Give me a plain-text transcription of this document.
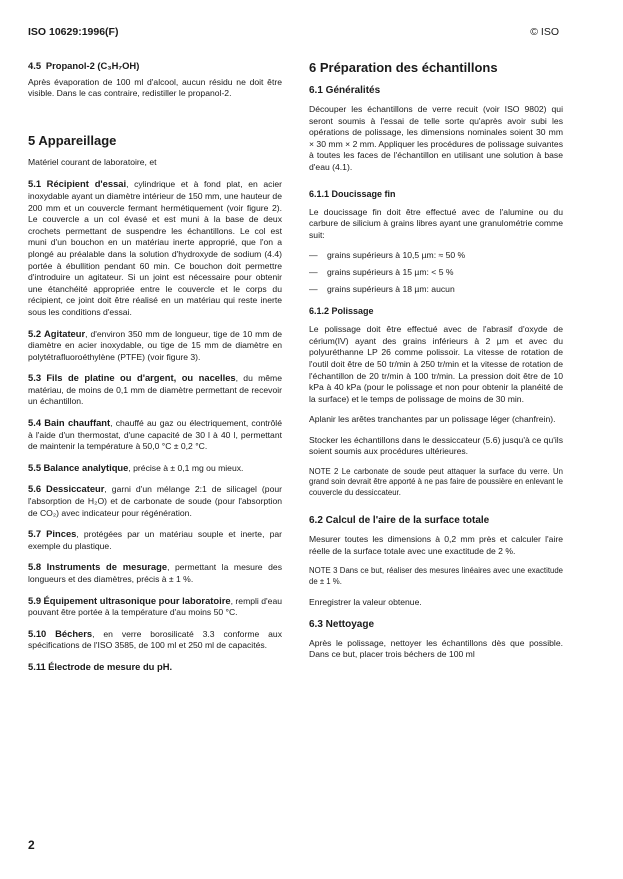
ISO 10629:1996(F)	© ISO

4.5 Propanol-2 (C₃H₇OH)

Après évaporation de 100 ml d'alcool, aucun résidu ne doit être visible. Dans le cas contraire, redistiller le propanol-2.

5 Appareillage

Matériel courant de laboratoire, et

5.1 Récipient d'essai, cylindrique et à fond plat, en acier inoxydable ayant un diamètre intérieur de 150 mm, une hauteur de 200 mm et un couvercle fermant hermétiquement (voir figure 2). Le couvercle a un col évasé et est muni à la base de deux crochets permettant de suspendre les échantillons. Le col est muni d'un bouchon en un matériau inerte approprié, que l'on a plongé au préalable dans la solution d'hydroxyde de sodium (4.4) portée à ébullition pendant 60 min. Ce bouchon doit permettre d'introduire un agitateur. Si un joint est nécessaire pour obtenir une étanchéité appropriée entre le couvercle et le corps du récipient, ce joint doit être réalisé en un matériau qui reste inerte sous les conditions d'essai.

5.2 Agitateur, d'environ 350 mm de longueur, tige de 10 mm de diamètre en acier inoxydable, ou tige de 15 mm de diamètre en polytétrafluoroéthylène (PTFE) (voir figure 3).

5.3 Fils de platine ou d'argent, ou nacelles, du même matériau, de moins de 0,1 mm de diamètre permettant de recevoir un échantillon.

5.4 Bain chauffant, chauffé au gaz ou électriquement, contrôlé à l'aide d'un thermostat, d'une capacité de 30 l à 40 l, permettant de maintenir la température à 50,0 °C ± 0,2 °C.

5.5 Balance analytique, précise à ± 0,1 mg ou mieux.

5.6 Dessiccateur, garni d'un mélange 2:1 de silicagel (pour l'absorption de H₂O) et de carbonate de soude (pour l'absorption de CO₂) avec indicateur pour régénération.

5.7 Pinces, protégées par un matériau souple et inerte, par exemple du plastique.

5.8 Instruments de mesurage, permettant la mesure des longueurs et des diamètres, précis à ± 1 %.

5.9 Équipement ultrasonique pour laboratoire, rempli d'eau pouvant être portée à la température d'au moins 50 °C.

5.10 Béchers, en verre borosilicaté 3.3 conforme aux spécifications de l'ISO 3585, de 100 ml et 250 ml de capacités.

5.11 Électrode de mesure du pH.

6 Préparation des échantillons
6.1 Généralités

Découper les échantillons de verre recuit (voir ISO 9802) qui seront soumis à l'essai de telle sorte qu'après avoir subi les opérations de polissage, les dimensions nominales soient 30 mm × 30 mm × 2 mm. Appliquer les procédures de polissage suivantes à toutes les faces de l'échantillon en utilisant une solution à base d'eau (4.1).

6.1.1 Doucissage fin

Le doucissage fin doit être effectué avec de l'alumine ou du carbure de silicium à grains libres ayant une granulométrie comme suit:

— grains supérieurs à 10,5 µm: ≈ 50 %
— grains supérieurs à 15 µm: < 5 %
— grains supérieurs à 18 µm: aucun
6.1.2 Polissage

Le polissage doit être effectué avec de l'abrasif d'oxyde de cérium(IV) ayant des grains inférieurs à 2 µm et avec du polyuréthanne LP 26 comme polissoir. La vitesse de rotation de l'outil doit être de 50 tr/min à 250 tr/min et la vitesse de rotation de l'échantillon de 20 tr/min à 100 tr/min. La pression doit être de 10 kPa à 40 kPa (pour le polissage et non pour obtenir la planéité de la surface) et le temps de polissage de moins de 30 min.

Aplanir les arêtes tranchantes par un polissage léger (chanfrein).

Stocker les échantillons dans le dessiccateur (5.6) jusqu'à ce qu'ils soient soumis aux procédures ultérieures.

NOTE 2 Le carbonate de soude peut attaquer la surface du verre. Un grand soin devrait être apporté à ne pas faire de poussière en enlevant le couvercle du dessiccateur.

6.2 Calcul de l'aire de la surface totale

Mesurer toutes les dimensions à 0,2 mm près et calculer l'aire réelle de la surface totale avec une exactitude de 2 %.

NOTE 3 Dans ce but, réaliser des mesures linéaires avec une exactitude de ± 1 %.

Enregistrer la valeur obtenue.

6.3 Nettoyage

Après le polissage, nettoyer les échantillons dès que possible. Dans ce but, placer trois béchers de 100 ml

2
